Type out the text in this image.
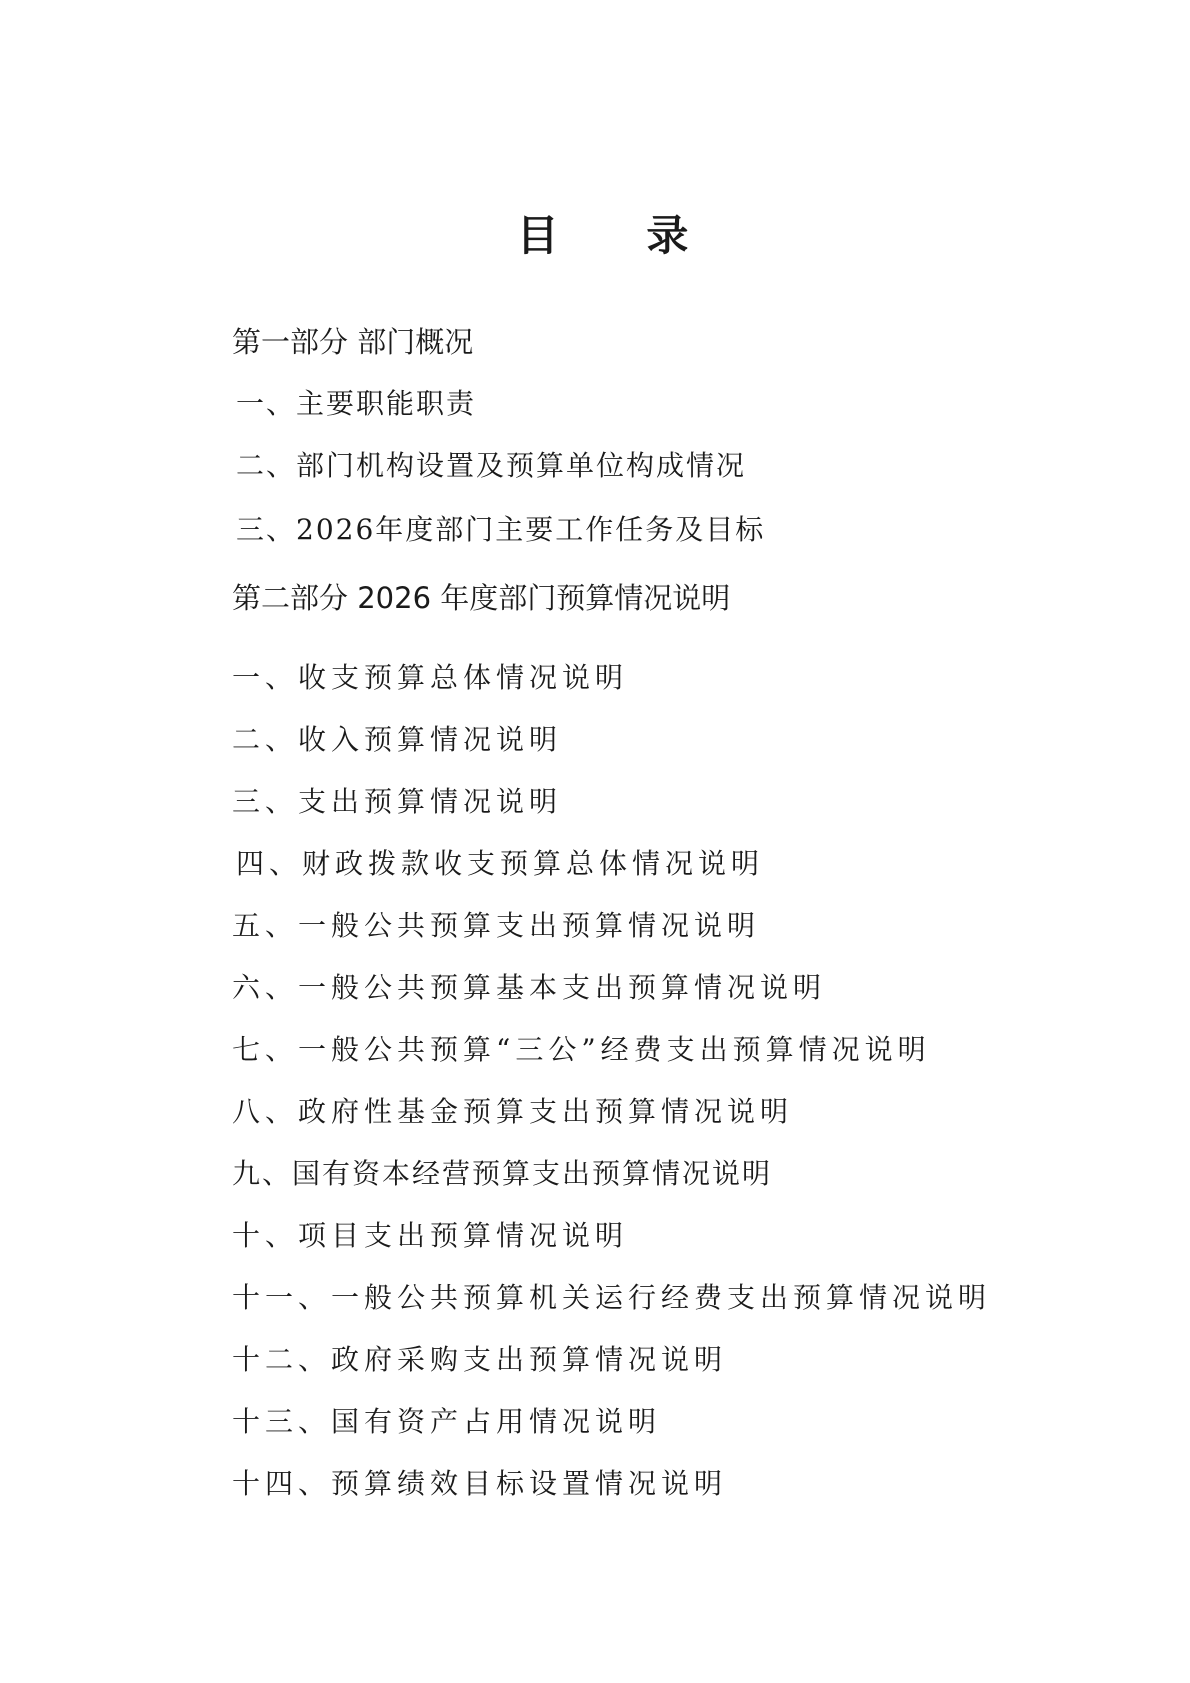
目      录
第一部分 部门概况
一、主要职能职责
二、部门机构设置及预算单位构成情况
三、2026年度部门主要工作任务及目标
第二部分 2026 年度部门预算情况说明
一、收支预算总体情况说明
二、收入预算情况说明
三、支出预算情况说明
四、财政拨款收支预算总体情况说明
五、一般公共预算支出预算情况说明
六、一般公共预算基本支出预算情况说明
七、一般公共预算“三公”经费支出预算情况说明
八、政府性基金预算支出预算情况说明
九、国有资本经营预算支出预算情况说明
十、项目支出预算情况说明
十一、一般公共预算机关运行经费支出预算情况说明
十二、政府采购支出预算情况说明
十三、国有资产占用情况说明
十四、预算绩效目标设置情况说明
